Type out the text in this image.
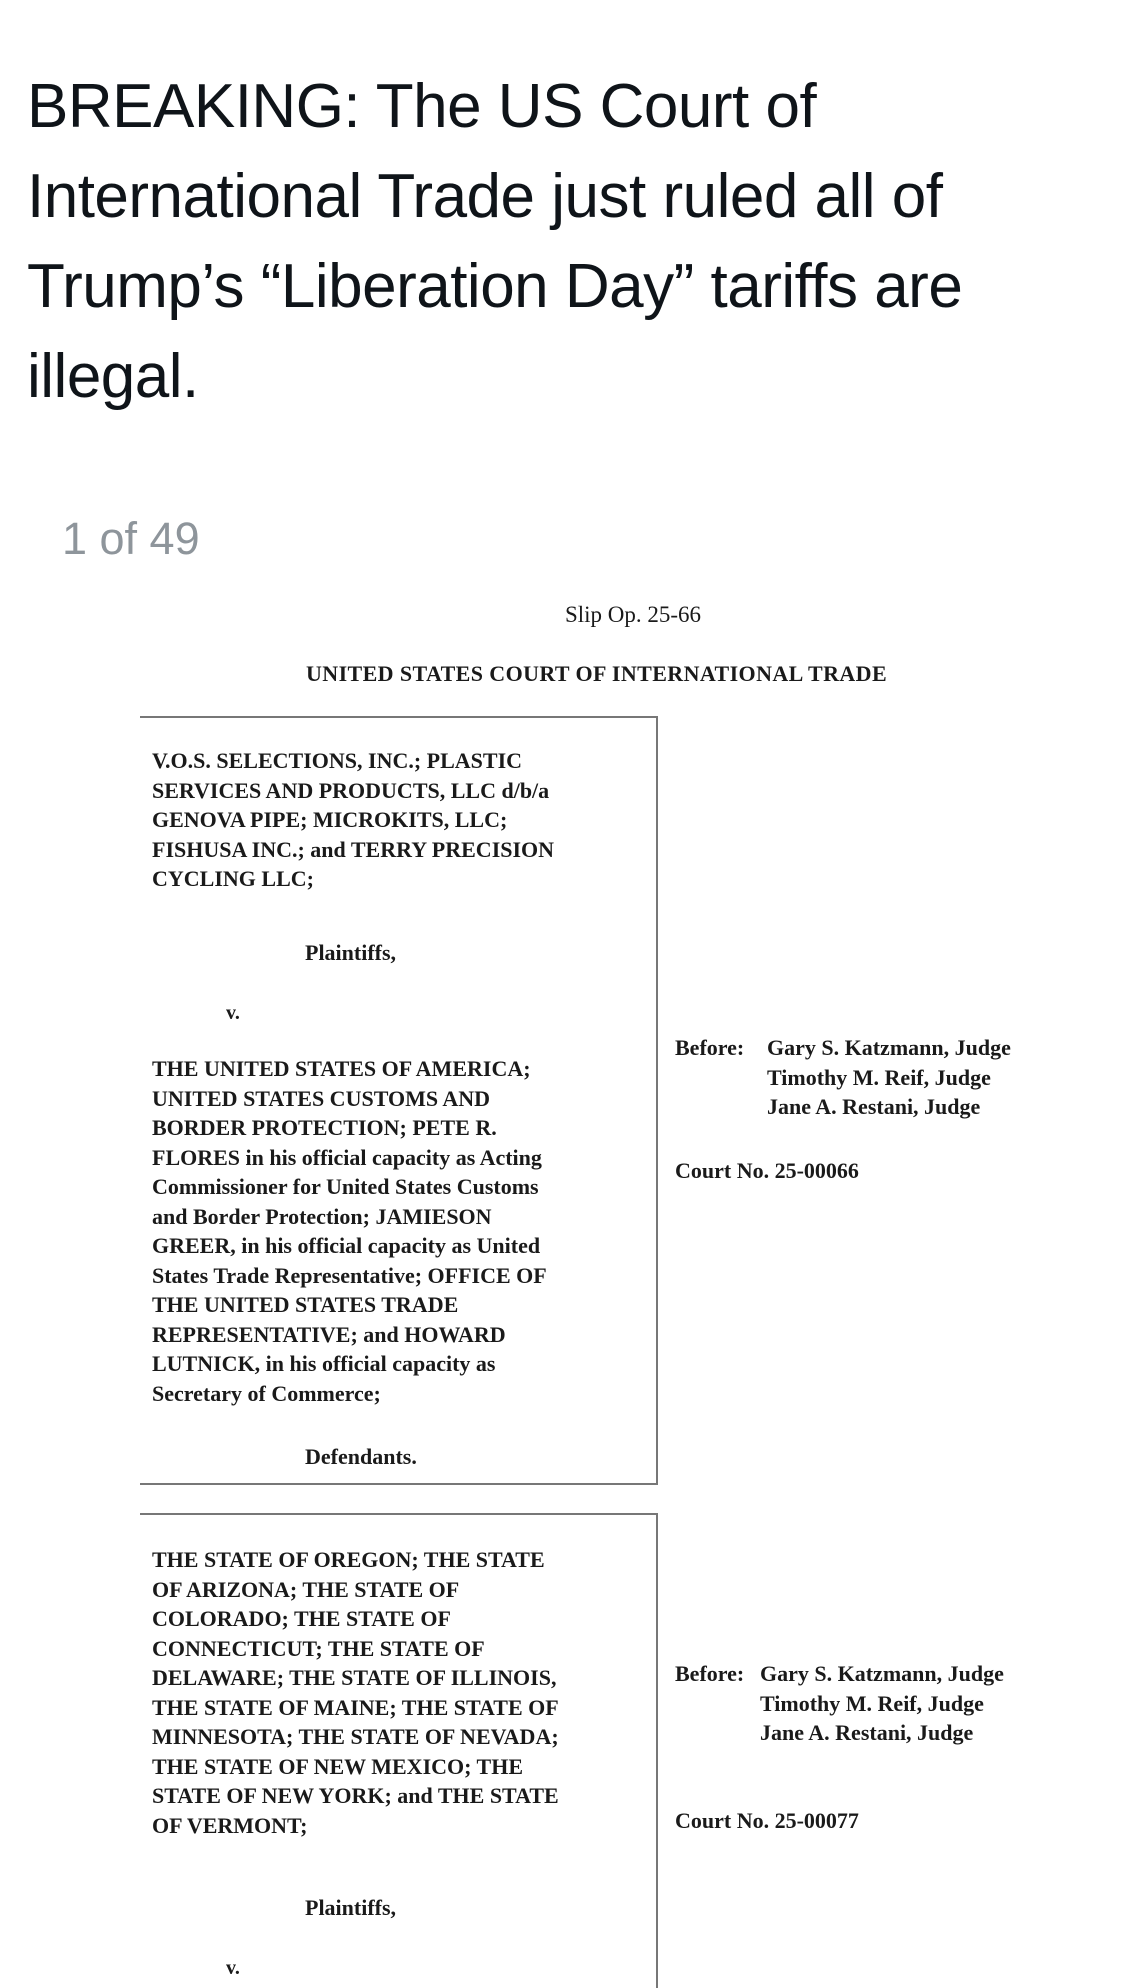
BREAKING: The US Court of International Trade just ruled all of Trump’s “Liberation Day” tariffs are illegal.
1 of 49
Slip Op. 25-66
UNITED STATES COURT OF INTERNATIONAL TRADE
V.O.S. SELECTIONS, INC.; PLASTIC
SERVICES AND PRODUCTS, LLC d/b/a
GENOVA PIPE; MICROKITS, LLC;
FISHUSA INC.; and TERRY PRECISION
CYCLING LLC;
Plaintiffs,
v.
THE UNITED STATES OF AMERICA;
UNITED STATES CUSTOMS AND
BORDER PROTECTION; PETE R.
FLORES in his official capacity as Acting
Commissioner for United States Customs
and Border Protection; JAMIESON
GREER, in his official capacity as United
States Trade Representative; OFFICE OF
THE UNITED STATES TRADE
REPRESENTATIVE; and HOWARD
LUTNICK, in his official capacity as
Secretary of Commerce;
Defendants.
Before:	Gary S. Katzmann, Judge
Timothy M. Reif, Judge
Jane A. Restani, Judge
Court No. 25-00066
THE STATE OF OREGON; THE STATE
OF ARIZONA; THE STATE OF
COLORADO; THE STATE OF
CONNECTICUT; THE STATE OF
DELAWARE; THE STATE OF ILLINOIS,
THE STATE OF MAINE; THE STATE OF
MINNESOTA; THE STATE OF NEVADA;
THE STATE OF NEW MEXICO; THE
STATE OF NEW YORK; and THE STATE
OF VERMONT;
Plaintiffs,
v.
Before: Gary S. Katzmann, Judge
Timothy M. Reif, Judge
Jane A. Restani, Judge
Court No. 25-00077
